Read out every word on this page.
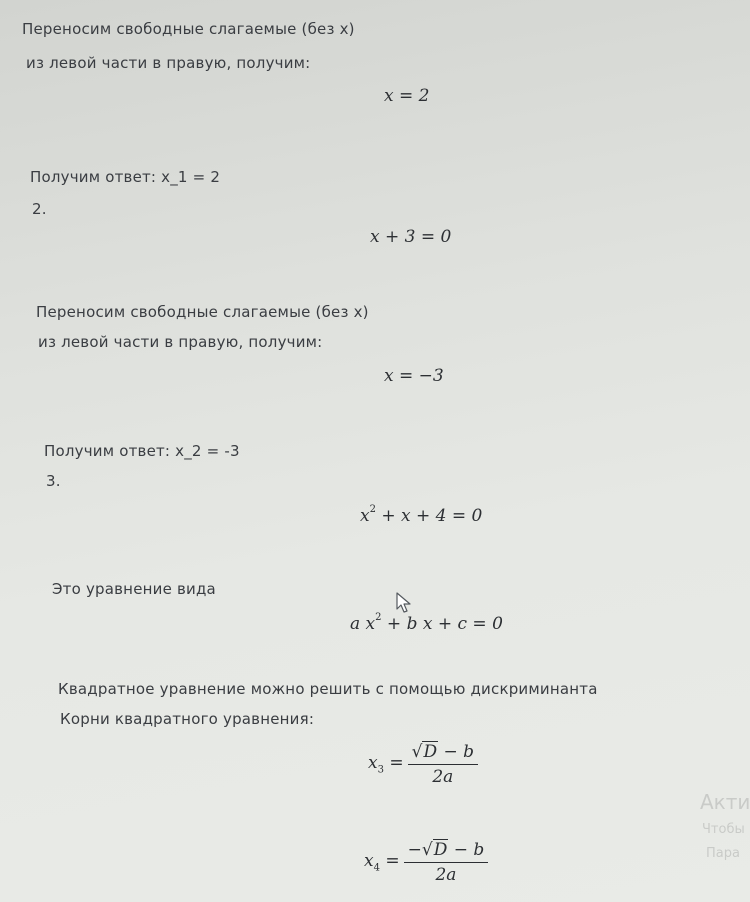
Переносим свободные слагаемые (без x)
из левой части в правую, получим:
x = 2
Получим ответ: x_1 = 2
2.
x + 3 = 0
Переносим свободные слагаемые (без x)
из левой части в правую, получим:
x = −3
Получим ответ: x_2 = -3
3.
$x^2 + x + 4 = 0$
Это уравнение вида
a $x^2 + b$ x + c = 0
Квадратное уравнение можно решить с помощью дискриминанта
Корни квадратного уравнения:
$x_3 = \frac{√D - b}{2a}$
$x_4 = \frac{-√D - b}{2a}$
Акти
Чтобы
Пара
